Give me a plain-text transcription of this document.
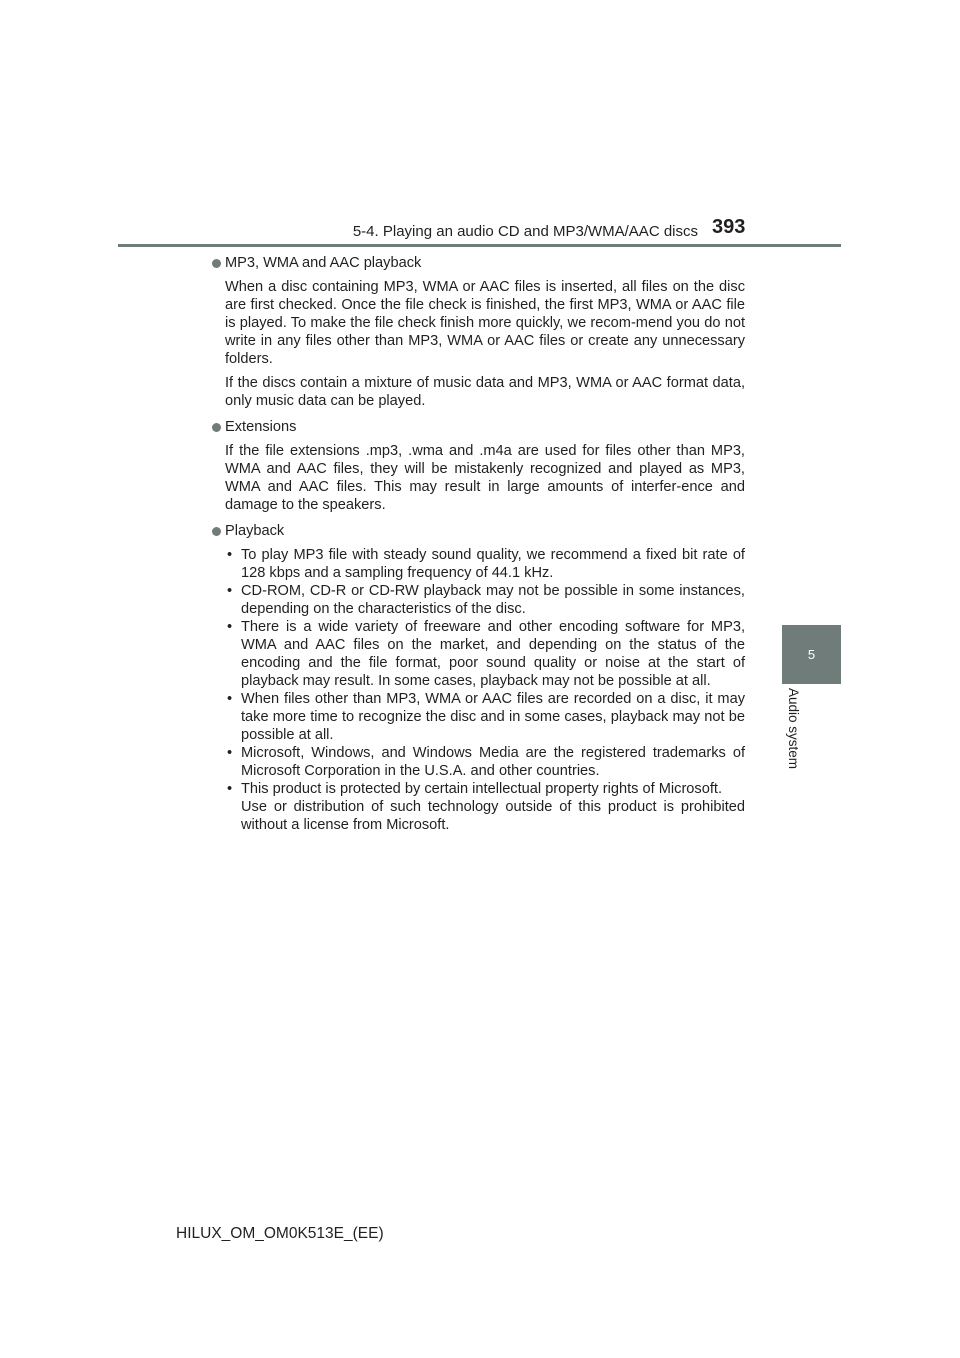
5-4. Playing an audio CD and MP3/WMA/AAC discs 393
5
Audio system
MP3, WMA and AAC playback

When a disc containing MP3, WMA or AAC files is inserted, all files on the disc are first checked. Once the file check is finished, the first MP3, WMA or AAC file is played. To make the file check finish more quickly, we recom-mend you do not write in any files other than MP3, WMA or AAC files or create any unnecessary folders.

If the discs contain a mixture of music data and MP3, WMA or AAC format data, only music data can be played.

Extensions

If the file extensions .mp3, .wma and .m4a are used for files other than MP3, WMA and AAC files, they will be mistakenly recognized and played as MP3, WMA and AAC files. This may result in large amounts of interfer-ence and damage to the speakers.

Playback
• To play MP3 file with steady sound quality, we recommend a fixed bit rate of 128 kbps and a sampling frequency of 44.1 kHz.
• CD-ROM, CD-R or CD-RW playback may not be possible in some instances, depending on the characteristics of the disc.
• There is a wide variety of freeware and other encoding software for MP3, WMA and AAC files on the market, and depending on the status of the encoding and the file format, poor sound quality or noise at the start of playback may result. In some cases, playback may not be possible at all.
• When files other than MP3, WMA or AAC files are recorded on a disc, it may take more time to recognize the disc and in some cases, playback may not be possible at all.
• Microsoft, Windows, and Windows Media are the registered trademarks of Microsoft Corporation in the U.S.A. and other countries.
• This product is protected by certain intellectual property rights of Microsoft.
Use or distribution of such technology outside of this product is prohibited without a license from Microsoft.
HILUX_OM_OM0K513E_(EE)
